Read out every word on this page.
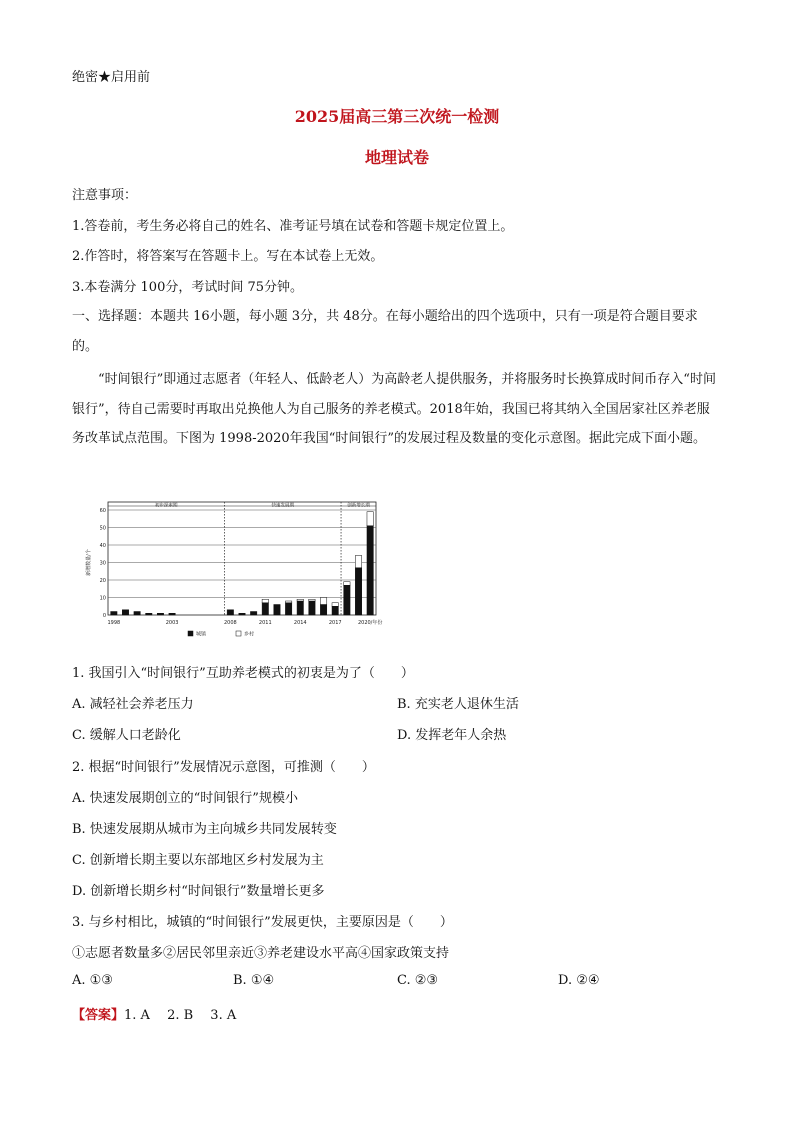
绝密★启用前
2025届高三第三次统一检测
地理试卷
注意事项：
1.答卷前，考生务必将自己的姓名、准考证号填在试卷和答题卡规定位置上。
2.作答时，将答案写在答题卡上。写在本试卷上无效。
3.本卷满分 100分，考试时间 75分钟。
一、选择题：本题共 16小题，每小题 3分，共 48分。在每小题给出的四个选项中，只有一项是符合题目要求的。
“时间银行”即通过志愿者（年轻人、低龄老人）为高龄老人提供服务，并将服务时长换算成时间币存入“时间银行”，待自己需要时再取出兑换他人为自己服务的养老模式。2018年始，我国已将其纳入全国居家社区养老服务改革试点范围。下图为 1998-2020年我国“时间银行”的发展过程及数量的变化示意图。据此完成下面小题。
0
10
20
30
40
50
60
初步探索期	快速发展期	创新增长期
1998	2003	2008	2011	2014	2017	2020/年份
新增数量/个
城镇	乡村
1. 我国引入“时间银行”互助养老模式的初衷是为了（　　）
A. 减轻社会养老压力	B. 充实老人退休生活
C. 缓解人口老龄化	D. 发挥老年人余热
2. 根据“时间银行”发展情况示意图，可推测（　　）
A. 快速发展期创立的“时间银行”规模小
B. 快速发展期从城市为主向城乡共同发展转变
C. 创新增长期主要以东部地区乡村发展为主
D. 创新增长期乡村“时间银行”数量增长更多
3. 与乡村相比，城镇的“时间银行”发展更快，主要原因是（　　）
①志愿者数量多②居民邻里亲近③养老建设水平高④国家政策支持
A. ①③	B. ①④	C. ②③	D. ②④
【答案】1. A　 2. B　 3. A
